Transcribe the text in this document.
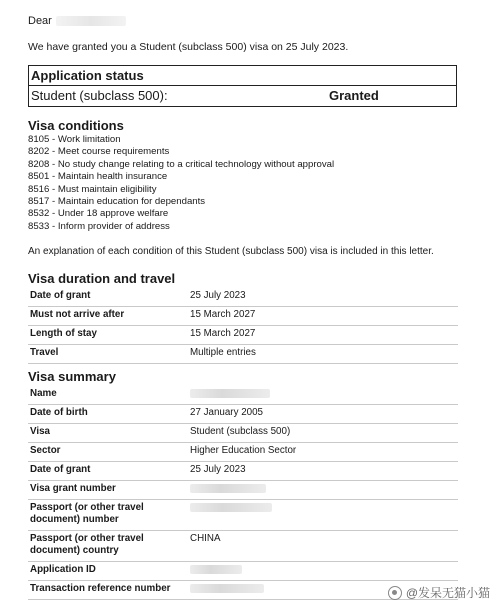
Dear
We have granted you a Student (subclass 500) visa on 25 July 2023.
Application status
Student (subclass 500):	Granted
Visa conditions
8105 - Work limitation
8202 - Meet course requirements
8208 - No study change relating to a critical technology without approval
8501 - Maintain health insurance
8516 - Must maintain eligibility
8517 - Maintain education for dependants
8532 - Under 18 approve welfare
8533 - Inform provider of address
An explanation of each condition of this Student (subclass 500) visa is included in this letter.
Visa duration and travel
Date of grant	25 July 2023
Must not arrive after	15 March 2027
Length of stay	15 March 2027
Travel	Multiple entries
Visa summary
Name	
Date of birth	27 January 2005
Visa	Student (subclass 500)
Sector	Higher Education Sector
Date of grant	25 July 2023
Visa grant number	
Passport (or other travel document) number	
Passport (or other travel document) country	CHINA
Application ID	
Transaction reference number		@发呆无猫小猫
